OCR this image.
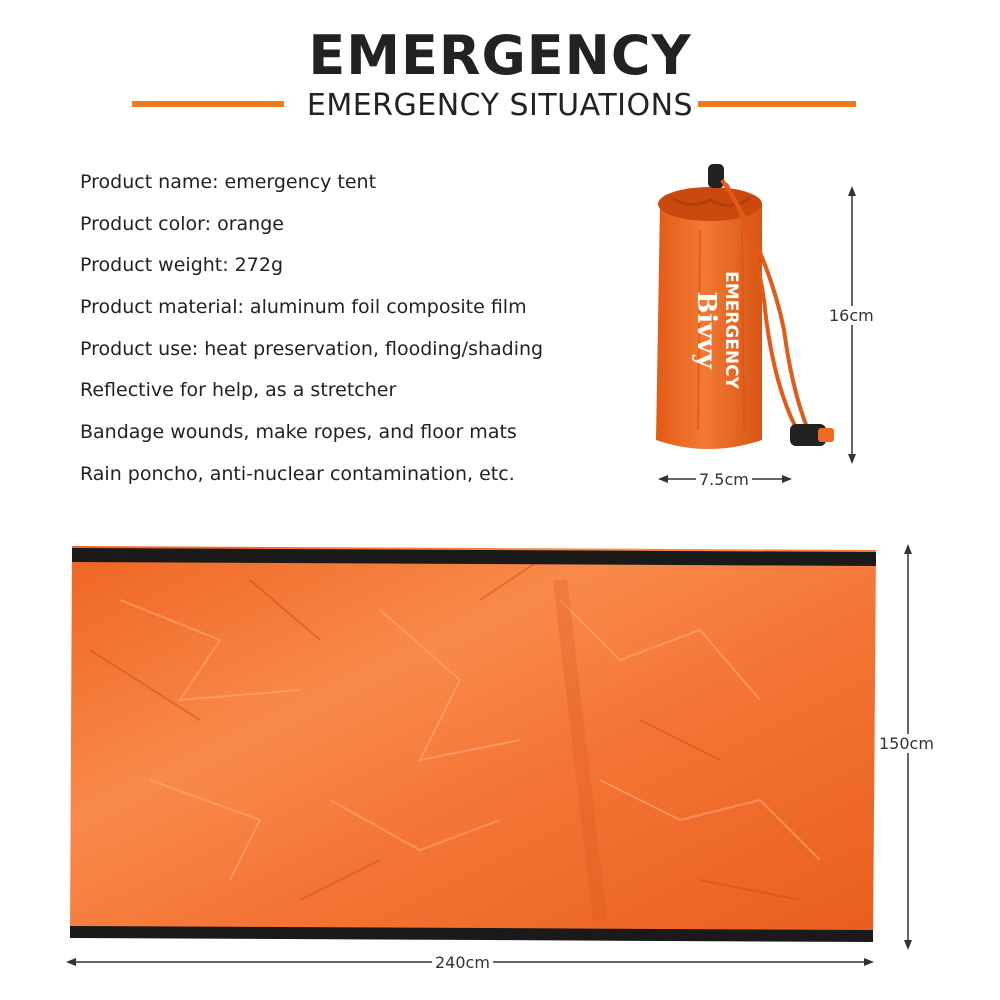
EMERGENCY
EMERGENCY SITUATIONS
Product name: emergency tent
Product color: orange
Product weight: 272g
Product material: aluminum foil composite film
Product use: heat preservation, flooding/shading
Reflective for help, as a stretcher
Bandage wounds, make ropes, and floor mats
Rain poncho, anti-nuclear contamination, etc.
EMERGENCY
Bivvy	16cm
7.5cm
150cm
240cm
